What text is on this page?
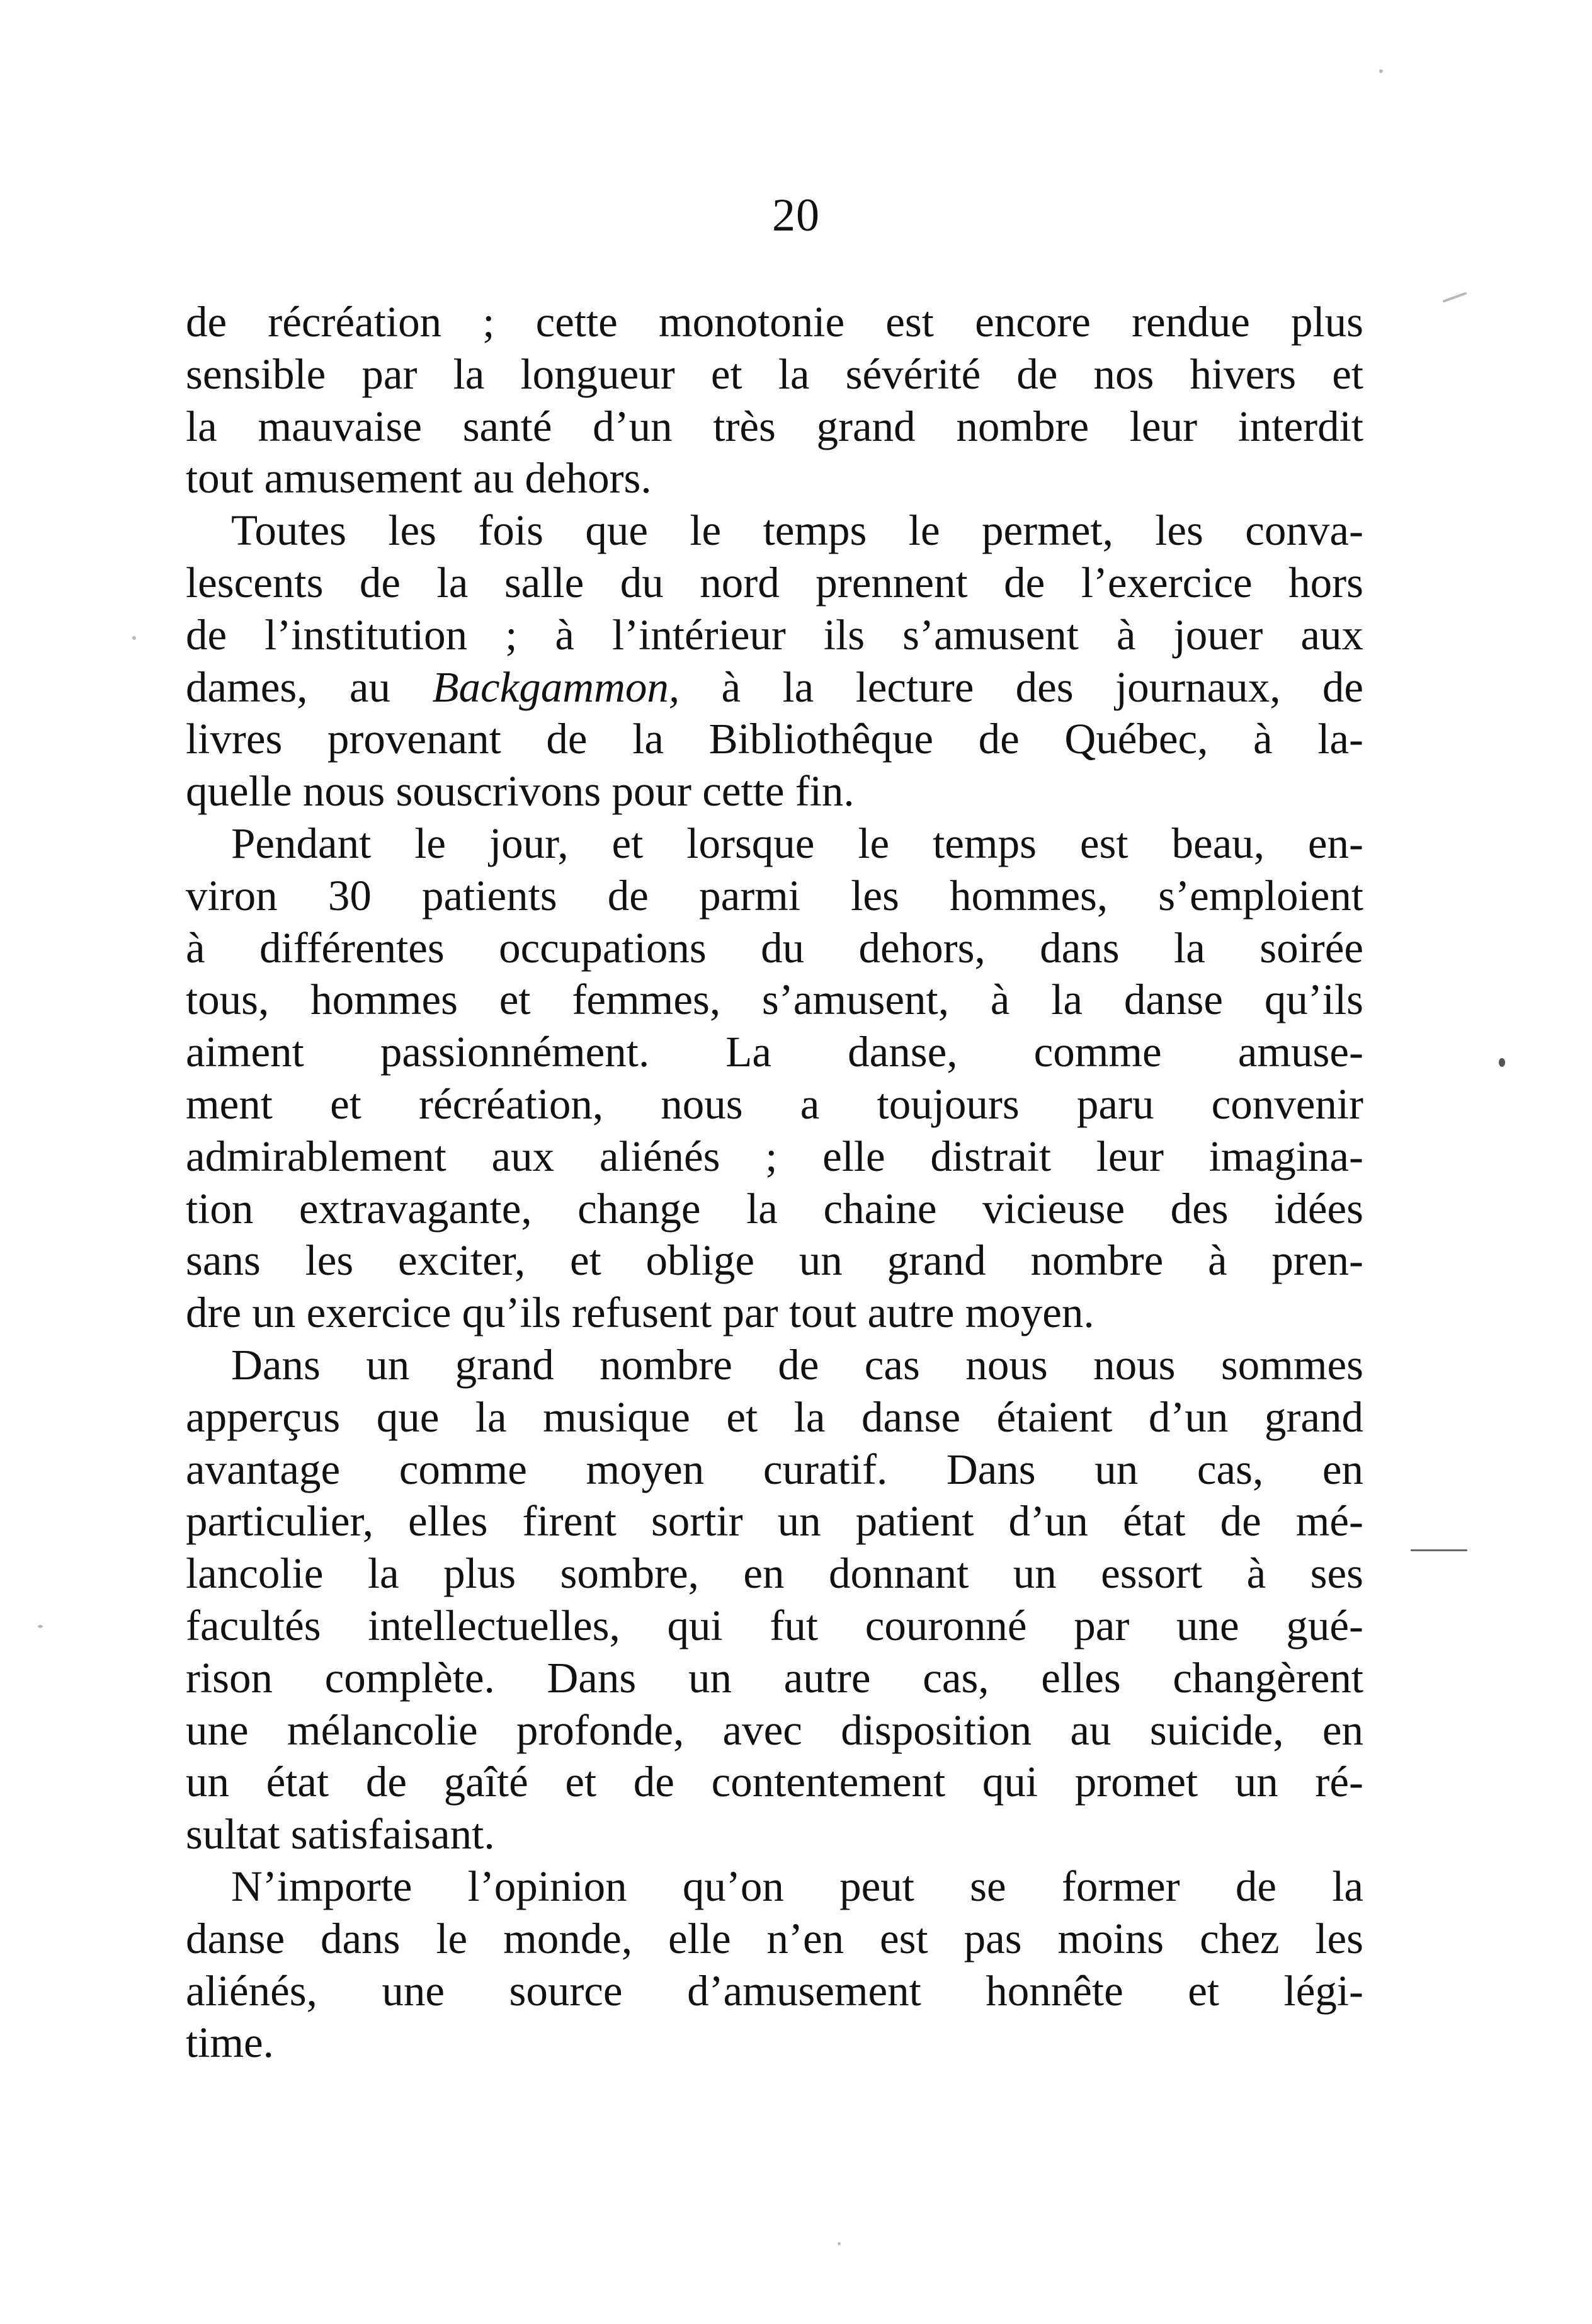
20
de récréation ; cette monotonie est encore rendue plus
sensible par la longueur et la sévérité de nos hivers et
la mauvaise santé d’un très grand nombre leur interdit
tout amusement au dehors.
Toutes les fois que le temps le permet, les conva-
lescents de la salle du nord prennent de l’exercice hors
de l’institution ; à l’intérieur ils s’amusent à jouer aux
dames, au Backgammon, à la lecture des journaux, de
livres provenant de la Bibliothêque de Québec, à la-
quelle nous souscrivons pour cette fin.
Pendant le jour, et lorsque le temps est beau, en-
viron 30 patients de parmi les hommes, s’emploient
à différentes occupations du dehors, dans la soirée
tous, hommes et femmes, s’amusent, à la danse qu’ils
aiment passionnément. La danse, comme amuse-
ment et récréation, nous a toujours paru convenir
admirablement aux aliénés ; elle distrait leur imagina-
tion extravagante, change la chaine vicieuse des idées
sans les exciter, et oblige un grand nombre à pren-
dre un exercice qu’ils refusent par tout autre moyen.
Dans un grand nombre de cas nous nous sommes
apperçus que la musique et la danse étaient d’un grand
avantage comme moyen curatif. Dans un cas, en
particulier, elles firent sortir un patient d’un état de mé-
lancolie la plus sombre, en donnant un essort à ses
facultés intellectuelles, qui fut couronné par une gué-
rison complète. Dans un autre cas, elles changèrent
une mélancolie profonde, avec disposition au suicide, en
un état de gaîté et de contentement qui promet un ré-
sultat satisfaisant.
N’importe l’opinion qu’on peut se former de la
danse dans le monde, elle n’en est pas moins chez les
aliénés, une source d’amusement honnête et légi-
time.
